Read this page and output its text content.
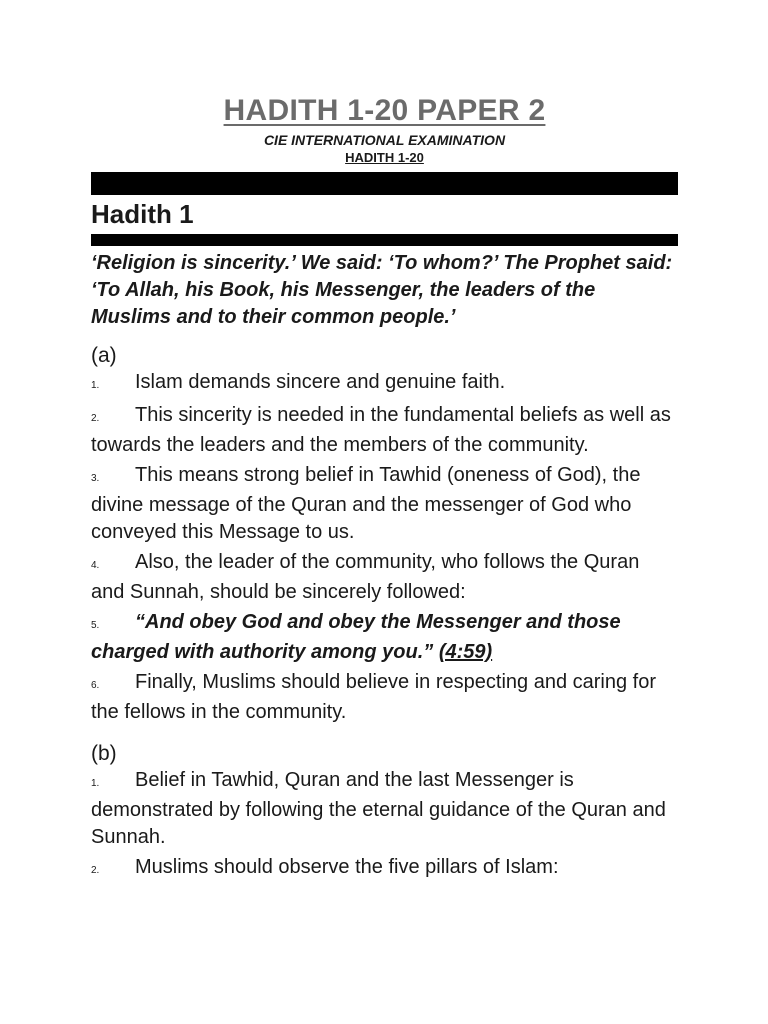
HADITH 1-20 PAPER 2

CIE INTERNATIONAL EXAMINATION

HADITH 1-20

Hadith 1

‘Religion is sincerity.’ We said: ‘To whom?’ The Prophet said: ‘To Allah, his Book, his Messenger, the leaders of the Muslims and to their common people.’

(a)

1. Islam demands sincere and genuine faith.
2. This sincerity is needed in the fundamental beliefs as well as towards the leaders and the members of the community.
3. This means strong belief in Tawhid (oneness of God), the divine message of the Quran and the messenger of God who conveyed this Message to us.
4. Also, the leader of the community, who follows the Quran and Sunnah, should be sincerely followed:
5. “And obey God and obey the Messenger and those charged with authority among you.” (4:59)
6. Finally, Muslims should believe in respecting and caring for the fellows in the community.

(b)

1. Belief in Tawhid, Quran and the last Messenger is demonstrated by following the eternal guidance of the Quran and Sunnah.
2. Muslims should observe the five pillars of Islam:
